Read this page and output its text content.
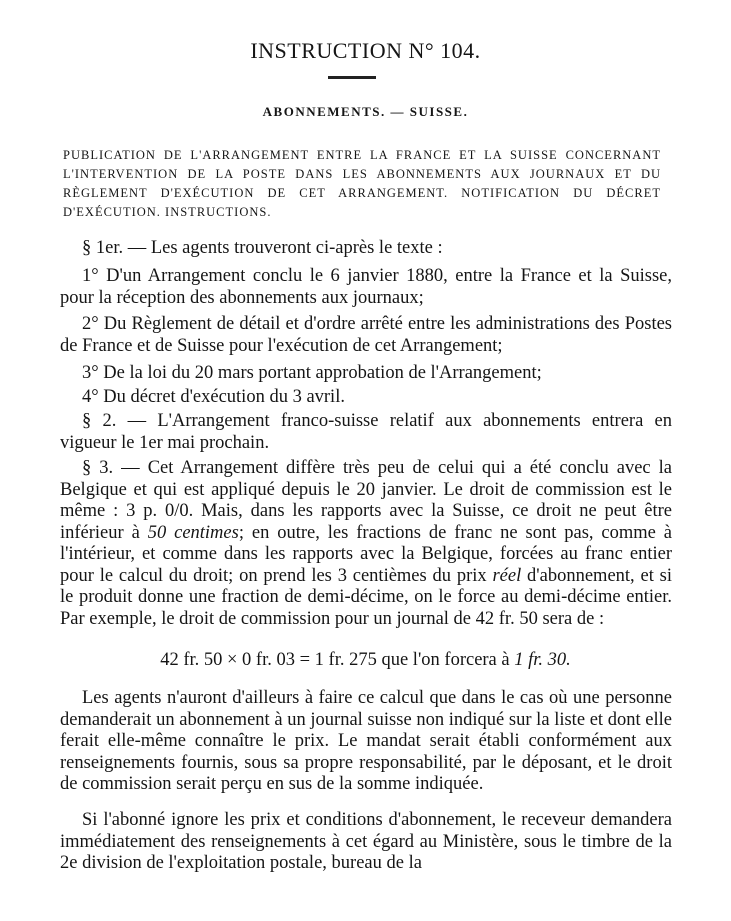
INSTRUCTION N° 104.
ABONNEMENTS. — SUISSE.
PUBLICATION DE L'ARRANGEMENT ENTRE LA FRANCE ET LA SUISSE CONCERNANT L'INTERVENTION DE LA POSTE DANS LES ABONNEMENTS AUX JOURNAUX ET DU RÈGLEMENT D'EXÉCUTION DE CET ARRANGEMENT. NOTIFICATION DU DÉCRET D'EXÉCUTION. INSTRUCTIONS.

§ 1er. — Les agents trouveront ci-après le texte :

1° D'un Arrangement conclu le 6 janvier 1880, entre la France et la Suisse, pour la réception des abonnements aux journaux;

2° Du Règlement de détail et d'ordre arrêté entre les administrations des Postes de France et de Suisse pour l'exécution de cet Arrangement;

3° De la loi du 20 mars portant approbation de l'Arrangement;

4° Du décret d'exécution du 3 avril.

§ 2. — L'Arrangement franco-suisse relatif aux abonnements entrera en vigueur le 1er mai prochain.

§ 3. — Cet Arrangement diffère très peu de celui qui a été conclu avec la Belgique et qui est appliqué depuis le 20 janvier. Le droit de commission est le même : 3 p. 0/0. Mais, dans les rapports avec la Suisse, ce droit ne peut être inférieur à 50 centimes; en outre, les fractions de franc ne sont pas, comme à l'intérieur, et comme dans les rapports avec la Belgique, forcées au franc entier pour le calcul du droit; on prend les 3 centièmes du prix réel d'abonnement, et si le produit donne une fraction de demi-décime, on le force au demi-décime entier. Par exemple, le droit de commission pour un journal de 42 fr. 50 sera de :

42 fr. 50 × 0 fr. 03 = 1 fr. 275 que l'on forcera à 1 fr. 30.

Les agents n'auront d'ailleurs à faire ce calcul que dans le cas où une personne demanderait un abonnement à un journal suisse non indiqué sur la liste et dont elle ferait elle-même connaître le prix. Le mandat serait établi conformément aux renseignements fournis, sous sa propre responsabilité, par le déposant, et le droit de commission serait perçu en sus de la somme indiquée.

Si l'abonné ignore les prix et conditions d'abonnement, le receveur demandera immédiatement des renseignements à cet égard au Ministère, sous le timbre de la 2e division de l'exploitation postale, bureau de la
